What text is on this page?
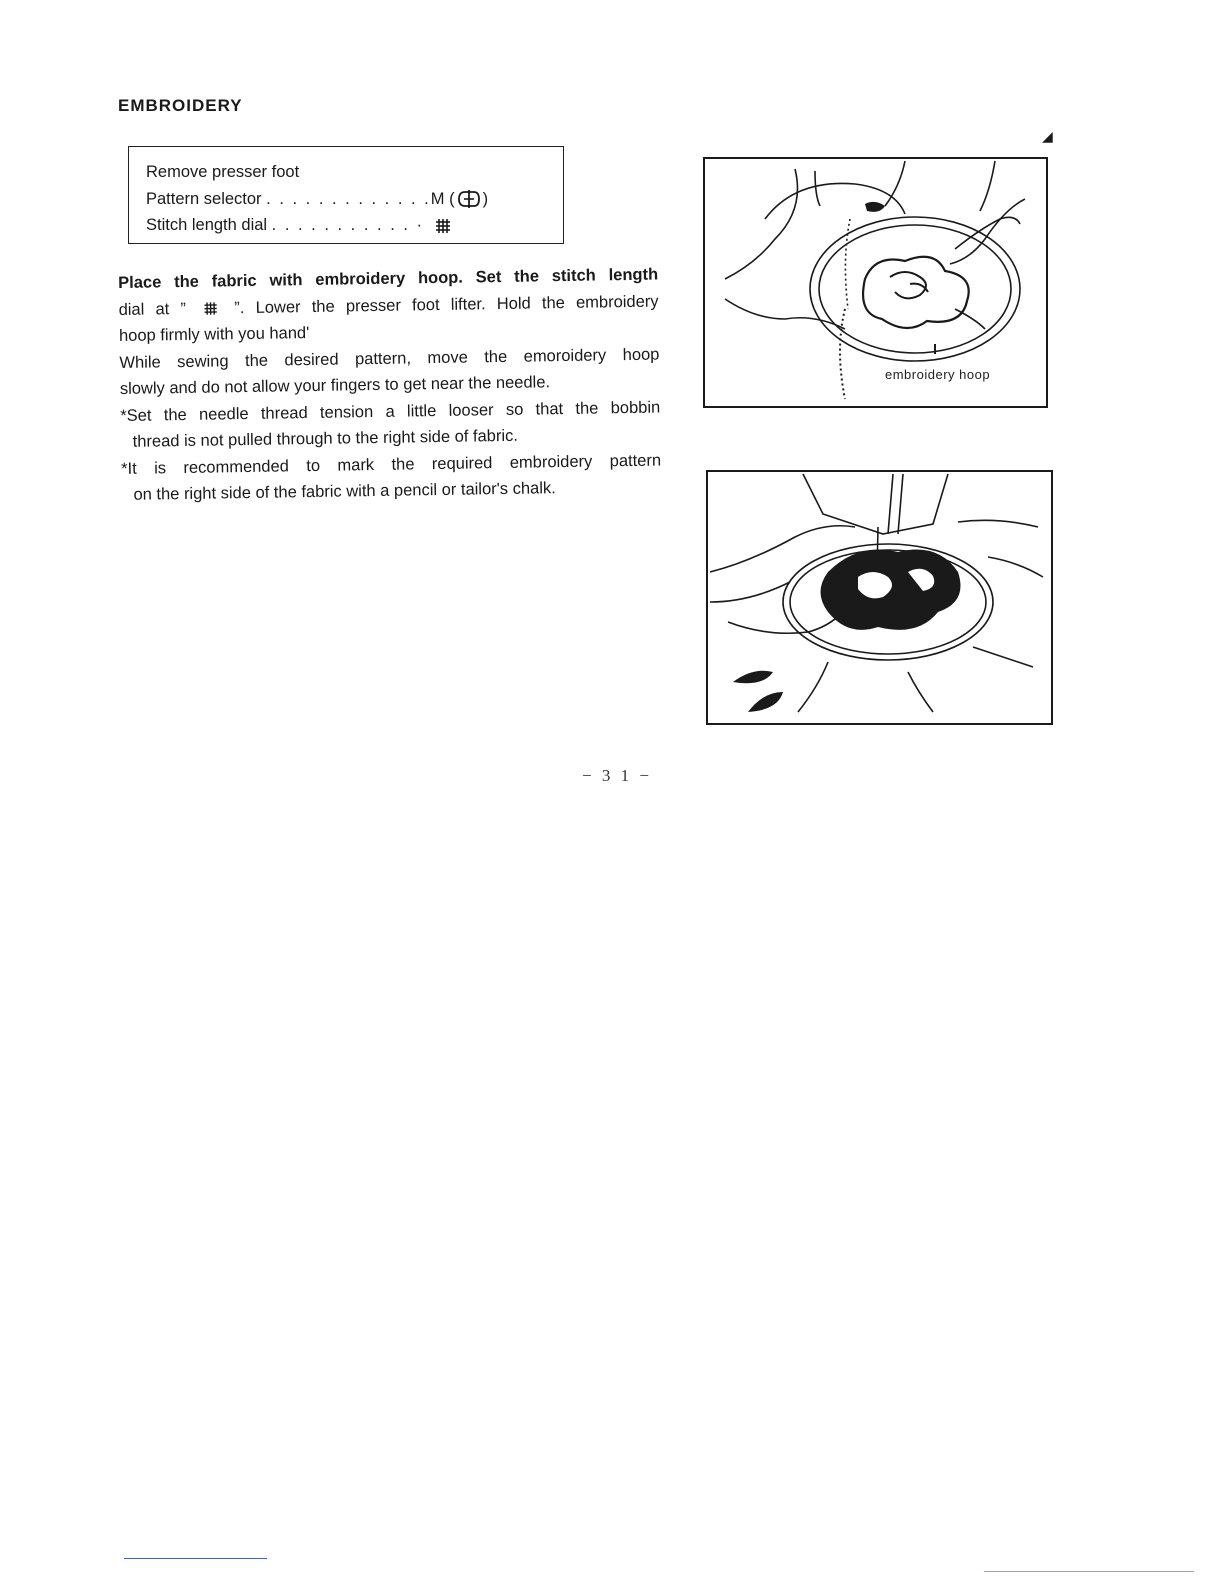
EMBROIDERY
Remove presser foot
Pattern selector . . . . . . . . . . . . .M ( )
Stitch length dial . . . . . . . . . . . ·

Place the fabric with embroidery hoop. Set the stitch length

dial at ”	”. Lower the presser foot lifter. Hold the embroidery

hoop firmly with you hand'

While sewing the desired pattern, move the emoroidery hoop

slowly and do not allow your fingers to get near the needle.

*Set the needle thread tension a little looser so that the bobbin

thread is not pulled through to the right side of fabric.

*It is recommended to mark the required embroidery pattern

on the right side of the fabric with a pencil or tailor's chalk.

embroidery hoop
− 3 1 −
◢
